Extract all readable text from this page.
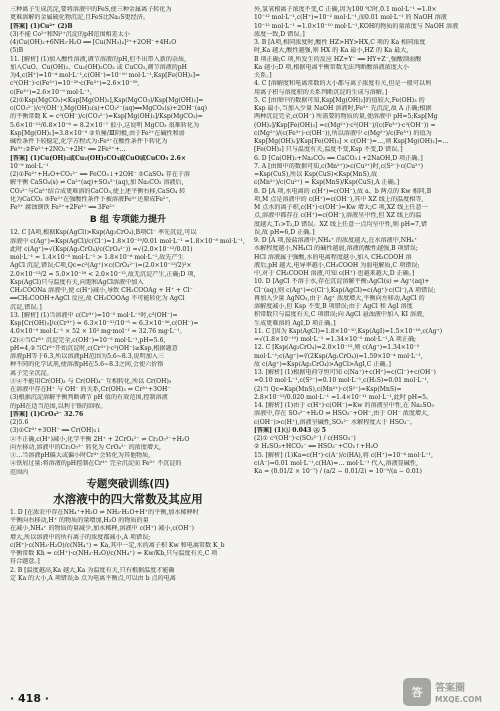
三种离子生成沉淀,要将溶液中的FeS,使三种金属离子转化为
更难溶解的金属硫化物沉淀,且FeS比Na₂S更经济。
[答案] (1)Cu²⁺ (2)B
(3)不能 Co²⁺和Ni²⁺沉淀的pH范围相差太小
(4)Cu(OH)₂+6NH₃·H₂O ══ [Cu(NH₃)₄]²⁺+2OH⁻+4H₂O
(5)B
11. [解析] (1)加入酸性溶液,调节溶液的pH,但不出带入新的杂质,
加入CuO、Cu(OH)₂、Cu₂(OH)₂CO₃ 或 CuCO₃,调节溶液的pH
为4,c(H⁺)=10⁻⁴ mol·L⁻¹,c(OH⁻)=10⁻¹⁰ mol·L⁻¹,Ksp[Fe(OH)₃]=
c³(OH⁻)·c(Fe³⁺)=10⁻³⁰·c(Fe³⁺)=2.6×10⁻³⁹,
c(Fe³⁺)=2.6×10⁻⁹ mol·L⁻¹。
(2)①Ksp(MgCO₃)<Ksp[Mg(OH)₂],Ksp(MgCO₃)/Ksp[Mg(OH)₂]=
c(CO₃²⁻)/c²(OH⁻),Mg(OH)₂(s)+CO₃²⁻(aq)══MgCO₃(s)+2OH⁻(aq)
的平衡常数 K = c²(OH⁻)/c(CO₃²⁻)=Ksp[Mg(OH)₂]/Ksp(MgCO₃)=
5.6×10⁻¹²/6.8×10⁻⁶ ≈ 8.2×10⁻⁷ 很小,这说明 MgCO₃ 很难转化为
Ksp[Mg(OH)₂]=3.8×10⁻⁵ ②负極/Ⅲ阴极,由于Fe²⁺在碱性和弱
碱性条件下较稳定,化学方程式为:Fe²⁺在酸性条件下转化为
Fe³⁺:②Fe²⁺+2NO₂⁻+2H⁺ ══ 2Fe³⁺+…
[答案] (1)Cu(OH)₂或Cu₂(OH)₂CO₃或CuO或CuCO₃ 2.6×
10⁻⁹ mol·L⁻¹
(2)①Fe²⁺+H₂O+CO₃²⁻ ══ FeCO₃↓+2OH⁻ ②CaSO₄ 存在于溶
解平衡 CaSO₄(s) ⇌ Ca²⁺(aq)+SO₄²⁻(aq),加 Na₂CO₃ 溶液后,
CO₃²⁻与Ca²⁺结合成更难溶的CaCO₃,使上述平衡右移,CaSO₄ 转
化为CaCO₃ ③Fe²⁺在强酸性条件下被溶液Fe³⁺还原成Fe²⁺,
Fe³⁺ 腐蚀钢铁 Fe²⁺+2Fe³⁺ ══ 3Fe²⁺
B 组 专项能力提升
12. C [A项,根据Ksp(AgCl)>Ksp(Ag₂CrO₄),B项Cl⁻ 率先沉淀,可以
溶液中 c(Ag⁺)=Ksp(AgCl)/c(Cl⁻)=1.8×10⁻¹⁰/0.01 mol·L⁻¹ =1.8×10⁻⁸ mol·L⁻¹,
此时 c(Ag⁺)=√(Ksp(Ag₂CrO₄)/c(CrO₄²⁻)) =√(2.0×10⁻¹²/0.01)
mol·L⁻¹ ≈ 1.4×10⁻⁵ mol·L⁻¹ > 1.8×10⁻⁸ mol·L⁻¹,故先产生
AgCl 沉淀,错误;C项,Qc=c²(Ag⁺)×c(CrO₄²⁻)=(2.0×10⁻¹³/2)²×
2.0×10⁻¹³/2 = 5.0×10⁻²⁸ < 2.0×10⁻¹²,故无沉淀产生,正确;D 项,
Ksp(AgCl)只与温度有关,向饱和AgCl溶液中加入
CH₃COONa 溶液中,使 c(H⁺)减小,导致 CH₃COOAg + H⁺ + Cl⁻
══CH₃COOH+AgCl 反应,故 CH₃COOAg 不可能转化为 AgCl
沉淀,错误。]
13. [解析] (1)当溶液中 c(Cr³⁺)=10⁻⁵ mol·L⁻¹时,c³(OH⁻)=
Ksp[Cr(OH)₃]/c(Cr³⁺) = 6.3×10⁻³¹/10⁻⁵ = 6.3×10⁻²⁶,c(OH⁻)=
4.0×10⁻⁹ mol·L⁻¹ × 52 × 10³ mg·mol⁻¹ ≈ 32.76 mg·L⁻¹。
(2)②当Cr³⁺ 沉淀完全,c(OH⁻)=10⁻⁵ mol·L⁻¹,pH=5.6,
pH=4,②当Cr³⁺开始沉淀时,c(Cr³⁺)·c³(OH⁻)≥Ksp,根据题意
溶液pH等于6.3,所以溶液pH范围为5.6~8.3,说明加入三
种不同的化学试剂,使溶液pH在5.6~8.3之间,会使六价铬
离子完全沉淀。
③④不能用Cr(OH)₃ 与 Cr(OH)₄⁻ 互相转化,所以 Cr(OH)₃
在溶液中存在H⁺ 与 OH⁻ 的关系,Cr(OH)₃ ⇌ Cr³⁺+3OH⁻
(3)根据沉淀溶解平衡判断调节 pH 值的有效范围,控制溶液
的pH在适当范围,以利于铬的回收。
[答案] (1)CrO₄²⁻ 32.76
(2)5.6
(3)①Cr³⁺+3OH⁻ ══ Cr(OH)₃↓
②不正确,c(H⁺)减小,化学平衡 2H⁺ + 2CrO₄²⁻ ⇌ Cr₂O₇²⁻+H₂O
向左移动,溶液中的Cr₂O₇²⁻ 转化为 CrO₄²⁻ 的浓度增大,
③…当溶液pH偏大或偏小时Cr³⁺会转化为其他物质,
④铁屑过量:将溶液的pH控制在Cr³⁺ 完全沉淀而 Fe³⁺ 不沉淀的
范围内
专题突破训练(四)
水溶液中的四大常数及其应用
1. D [在浓农中存在NH₄⁺+H₂O ⇌ NH₃·H₂O+H⁺的平衡,加水稀释时
平衡向右移动,H⁺ 的物质的量增加,H₂O 的物质的量
在减小,NH₄⁺ 的物质的量减少,加水稀释,溶液中 c(H⁺) 减小,c(OH⁻)
增大,所以溶液中的所有离子的浓度都减小,A 项错误;
c(H⁺)·c(NH₃·H₂O)/c(NH₄⁺) = Ka,其中一定,水的离子积 Kw 和电离常数 K_b
平衡常数 Kh = c(H⁺)·c(NH₃·H₂O)/c(NH₄⁺) = Kw/Kb,只与温度有关,C 项
符合题意。]
2. B [温度越高,Ka 越大,Ka 为温度有关,只有根据温度才能确
定 Ka 的大小,A 项错误;b 点为电离平衡点,可以由 b 点的电离
外,氢氧根离子浓度不变,C 正确,因为100 ℃时,0.1 mol·L⁻¹ =1.0×
10⁻¹² mol·L⁻¹,c(H⁺)=10⁻² mol·L⁻¹,而0.01 mol·L⁻¹ 的 NaOH 溶液
10⁻¹² mol·L⁻¹ =1.0×10⁻¹⁰ mol·L⁻¹,KOH的物质的量浓度与 NaOH 溶液
浓度一致,D 错误。]
3. B [A项,相同浓度时,酸性 HZ>HY>HX,C 项的 Ka 相同浓度
时,Ka 越大,酸性越强,则 HX 的 Ka 最小,HZ 的 Ka 最大,
B 项正确;C 项,所发生的反应 HZ+Y⁻ ══ HY+Z⁻,强酸制弱酸
Ka 越小;D 项,根据电离平衡常数无法判断酸溶液浓度大小
关系。]
4. C [溶解度和电离常数的大小都与离子浓度有关,但是一般可以利
用离子积与溶度积的关系判断沉淀的生成与溶解。]
5. C [由图中的数据可知,Ksp[Mg(OH)₂]的值较大,Fe(OH)₃ 的
Ksp 最小,当加入少量 NaOH 溶液时,Fe³⁺ 先沉淀,故 A 正确;根据
两种沉淀完全,c(OH⁻) 所需要的物质的量,使溶液中 pH=5;Ksp[Mg
(OH)₂]/Ksp[Fe(OH)₃] =c(Mg²⁺)·c²(OH⁻)/(c(Fe³⁺)·c³(OH⁻)) =
c(Mg²⁺)/(c(Fe³⁺)·c(OH⁻)),所以溶液中 c(Mg²⁺)/c(Fe³⁺) 的值为
Ksp[Mg(OH)₂]/Ksp[Fe(OH)₃] × c(OH⁻)=…,则 Ksp[Mg(OH)₂]=…
[Fe(OH)₃] 只与温度有关,温度不变,Ksp 不变,D 错误。]
6. D [Ca(OH)₂+Na₂CO₃ ══ CaCO₃↓+2NaOH,D 项正确。]
7. A [由图中的数据可知,c(Mn²⁺)>c(Cu²⁺)时,c(S²⁻)·c(Cu²⁺)
=Ksp(CuS),所以 Ksp(CuS)<Ksp(MnS),故
c(Mn²⁺)/c(Cu²⁺) = Ksp(MnS)/Ksp(CuS),A 正确。]
8. D [A 项,水电离的 c(H⁺)=c(OH⁻),故 a、b 两点的 Kw 相同,B
项,M 点是溶液中的 c(H⁺)=c(OH⁻),其中 XZ 线上的温度相等,
M 点水的离子积,c(H⁺)·c(OH⁻)=Kw 增大;C 项,XZ 线上任意一
点,溶液中都存在 c(H⁺)=c(OH⁻),溶液呈中性,但 XZ 线上的温
度越大,T₁>T₂,D 错误。XZ 线上任意一点均呈中性,则 pH=7,错
误,故 pH=6,D 正确。]
9. D [A 项,铵盐溶液中,NH₄⁺ 的浓度越大,在水溶液中,NH₄⁺
水解程度越小,NH₄Cl 的碱性越弱,溶液的酸性越强,B 项错误;
HCl 溶液属于强酸,水的电离程度越小,加入 CH₃COOH 溶
液后,pH 越大,电导率越小,CH₃COOH 为弱电解质,C 项错误;
中,对于 CH₃COOH 溶液,可知 c(H⁺) 也越来越大,D 正确。]
10. D [AgCl 不溶于水,存在沉淀溶解平衡:AgCl(s) ⇌ Ag⁺(aq)+
Cl⁻(aq),则 c(Ag⁺)=c(Cl⁻),Ksp(AgCl)=c(Ag⁺)·c(Cl⁻),A 项错误;
再加入少量 AgNO₃,由于 Ag⁺ 浓度增大,平衡向左移动,AgCl 的
溶解度减小,但 Ksp 不变,B 项错误;由于 AgCl 和 AgI 溶度
积常数只与温度有关,C 项错误;向 AgCl 悬浊液中加入 KI 溶液,
生成更难溶的 AgI,D 项正确。]
11. C [因为 Ksp(AgCl)=1.8×10⁻¹⁰,Ksp(AgI)=1.5×10⁻¹⁶,c(Ag⁺)
=√(1.8×10⁻¹⁰) mol·L⁻¹ =1.34×10⁻⁵ mol·L⁻¹,A 项正确;
12. C [Ksp(Ag₂CrO₄)=2.0×10⁻¹²,则 c(Ag⁺)=1.34×10⁻⁵
mol·L⁻¹;c(Ag⁺)=∛(2Ksp(Ag₂CrO₄))=1.59×10⁻⁴ mol·L⁻¹,
故 c(Ag⁺)=Ksp(Ag₂CrO₄)>AgCl>AgI,C 正确。]
13. [解析] (1)根据电荷守恒可知 c(Na⁺)+c(H⁺)=c(Cl⁻)+c(OH⁻)
=0.10 mol·L⁻¹,c(S²⁻)=0.10 mol·L⁻¹,c(H₂S)=0.01 mol·L⁻¹,
(2)当 Qc=Ksp(MnS),c(Mn²⁺)·c(S²⁻)=Ksp(MnS)=
2.8×10⁻¹³/0.020 mol·L⁻¹ =1.4×10⁻¹¹ mol·L⁻¹,此时 pH=5。
14. [解析] (1)由于 c(H⁺)·c(OH⁻)=Kw 的溶液呈中性,在 Na₂SO₃
溶液中,存在 SO₃²⁻+H₂O ⇌ HSO₃⁻+OH⁻,由于 OH⁻ 浓度增大,
c(OH⁻)>c(H⁺),溶液呈碱性,SO₃²⁻ 水解程度大于 HSO₃⁻。
[答案] (1)① 0.043 ② 5
(2)① c²(OH⁻)·c(SO₃²⁻) / c(HSO₃⁻)
② H₂SO₃+HCO₃⁻ ══ HSO₃⁻+CO₂↑+H₂O
15. [解析] (1)Ka=c(H⁺)·c(A⁻)/c(HA),将 c(H⁺)=10⁻⁴ mol·L⁻¹,
c(A⁻)=0.01 mol·L⁻¹,c(HA)=… mol·L⁻¹ 代入,溶液显碱性,
Ka = (0.01/2 × 10⁻⁷) / (a/2 − 0.01/2) = 10⁻⁹/(a − 0.01)
· 418 ·	答 答案圈
MXQE.COM
